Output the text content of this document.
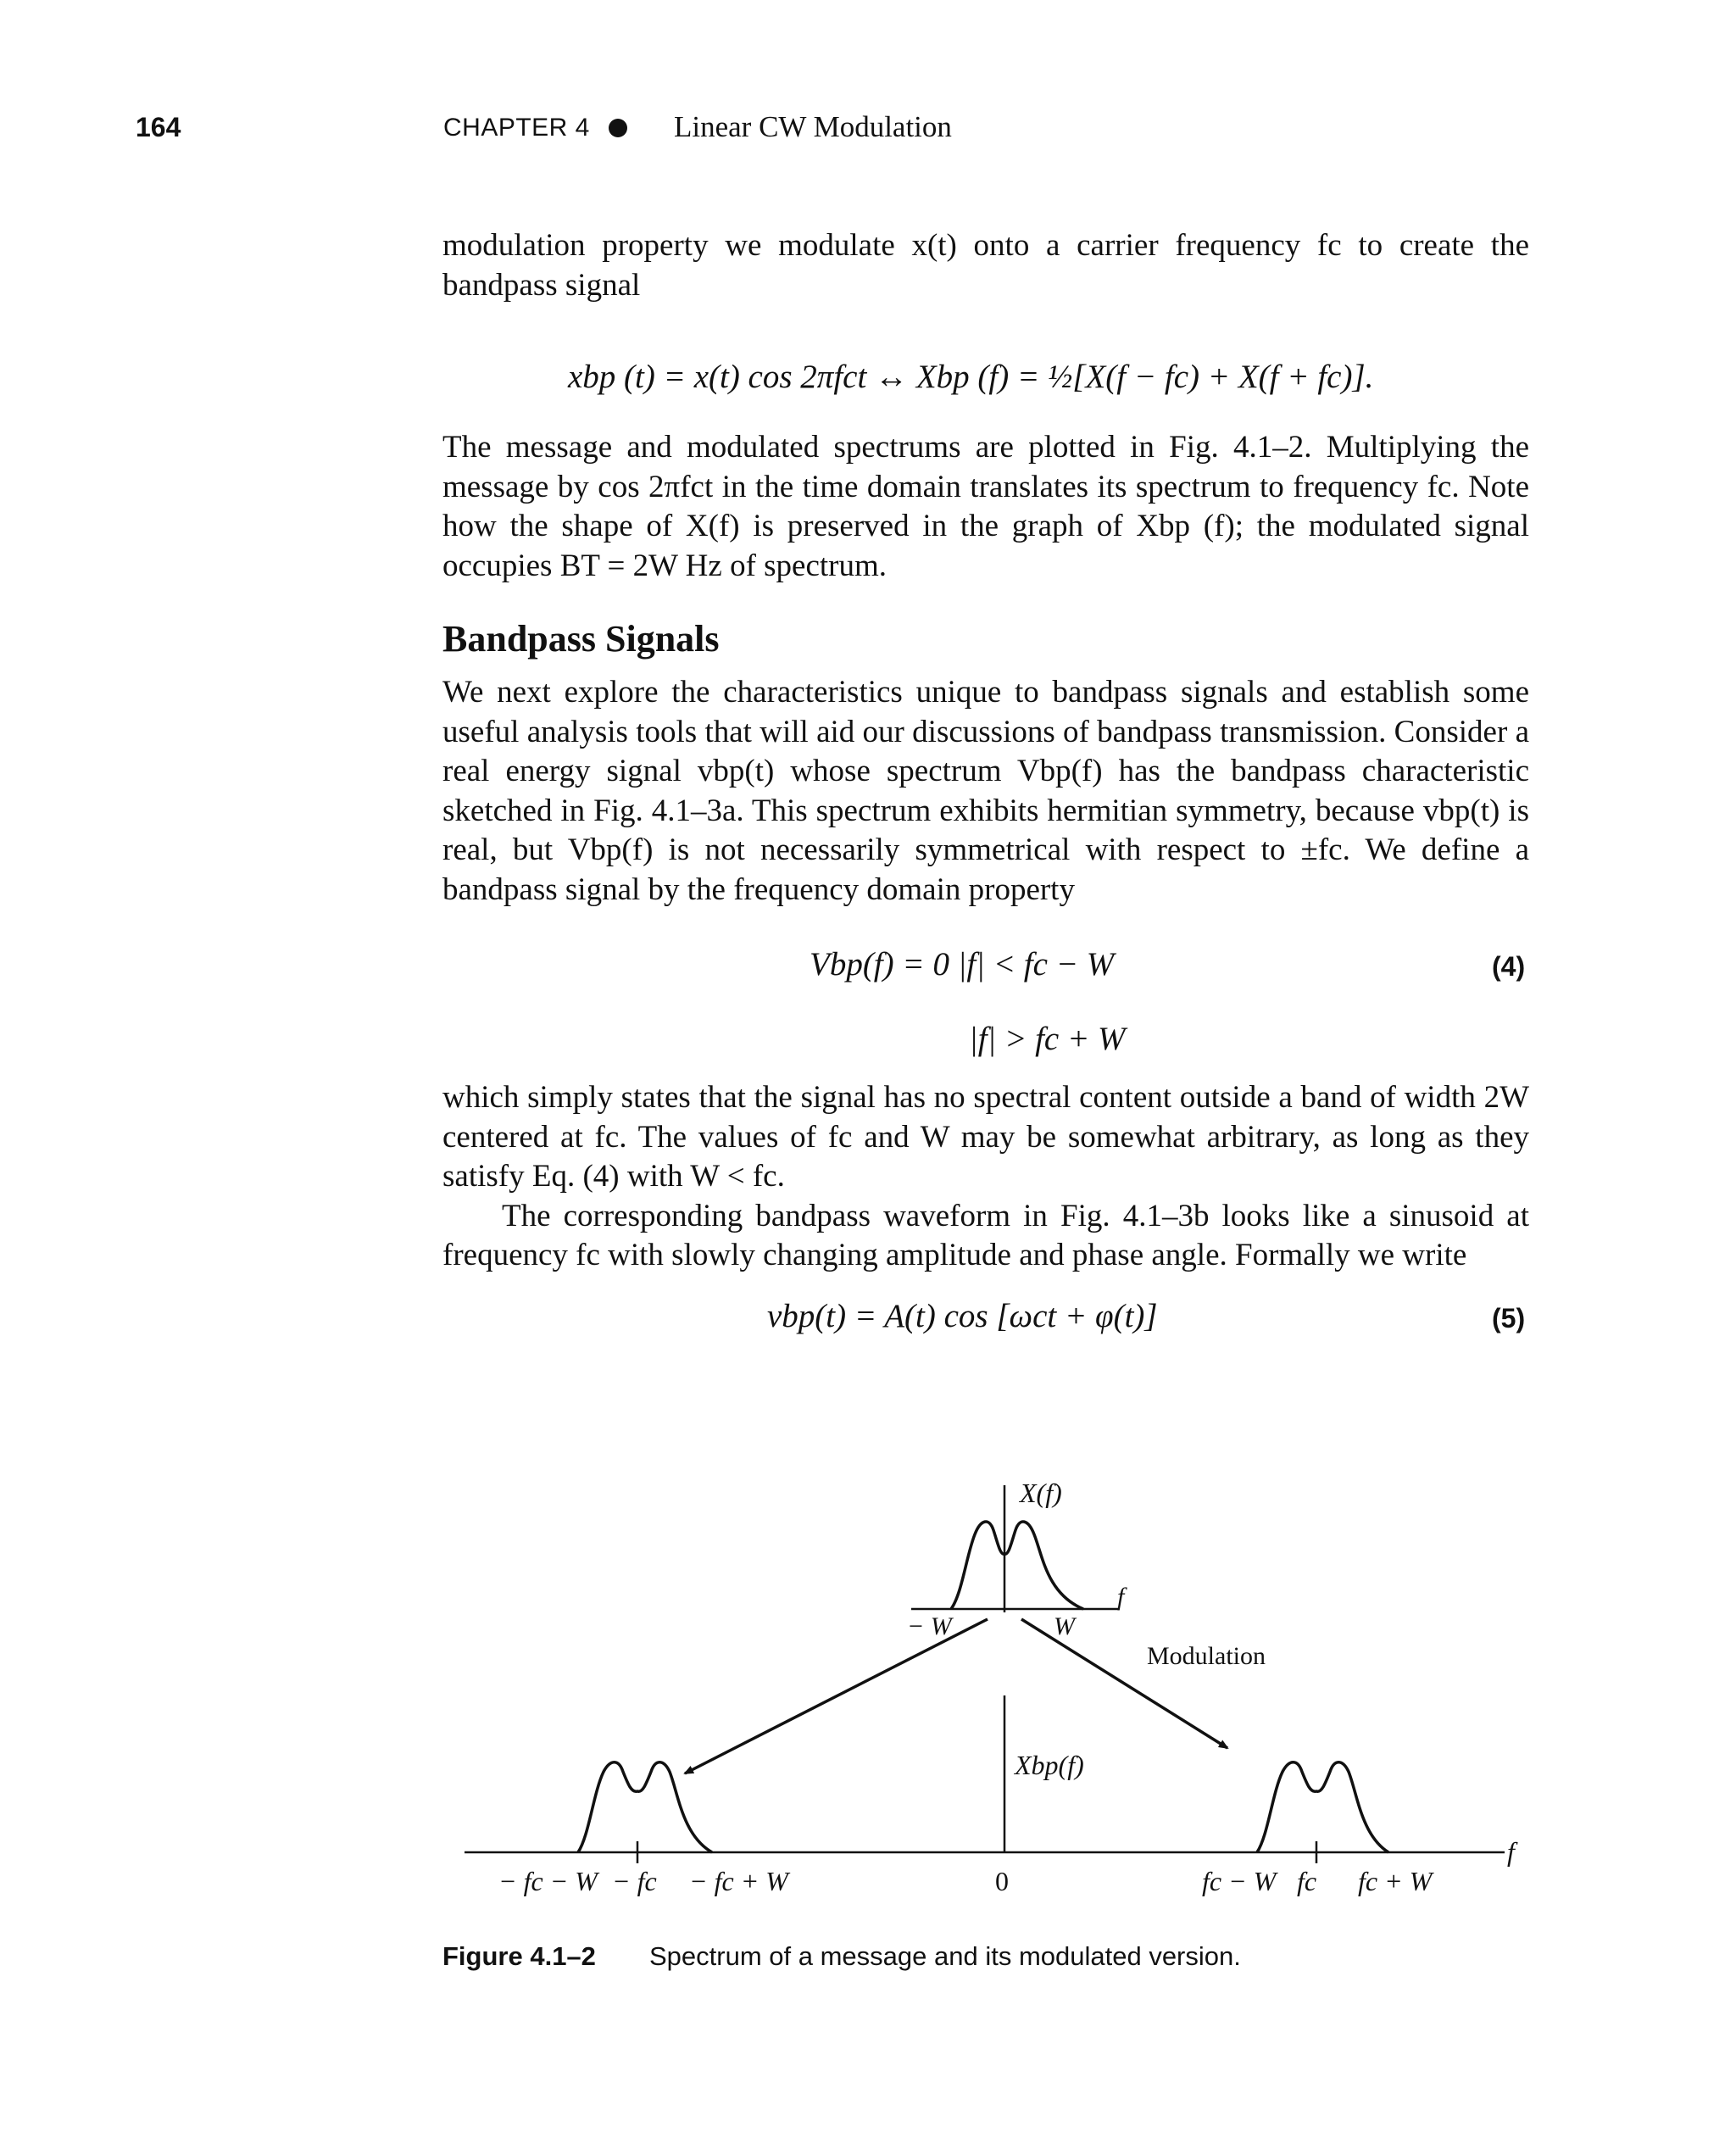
164	CHAPTER 4	Linear CW Modulation

modulation property we modulate x(t) onto a carrier frequency fc to create the bandpass signal

xbp (t) = x(t) cos 2πfct ↔ Xbp (f) = ½[X(f − fc) + X(f + fc)].

The message and modulated spectrums are plotted in Fig. 4.1–2. Multiplying the message by cos 2πfct in the time domain translates its spectrum to frequency fc. Note how the shape of X(f) is preserved in the graph of Xbp (f); the modulated signal occupies BT = 2W Hz of spectrum.

Bandpass Signals

We next explore the characteristics unique to bandpass signals and establish some useful analysis tools that will aid our discussions of bandpass transmission. Consider a real energy signal vbp(t) whose spectrum Vbp(f) has the bandpass characteristic sketched in Fig. 4.1–3a. This spectrum exhibits hermitian symmetry, because vbp(t) is real, but Vbp(f) is not necessarily symmetrical with respect to ±fc. We define a bandpass signal by the frequency domain property

Vbp(f) = 0 |f| < fc − W
|f| > fc + W
(4)

which simply states that the signal has no spectral content outside a band of width 2W centered at fc. The values of fc and W may be somewhat arbitrary, as long as they satisfy Eq. (4) with W < fc.

The corresponding bandpass waveform in Fig. 4.1–3b looks like a sinusoid at frequency fc with slowly changing amplitude and phase angle. Formally we write

vbp(t) = A(t) cos [ωct + φ(t)]	(5)
X(f)
− W	W
f
Modulation
Xbp(f)
f
− fc − W − fc − fc + W	0	fc − W fc fc + W
Figure 4.1–2 Spectrum of a message and its modulated version.
